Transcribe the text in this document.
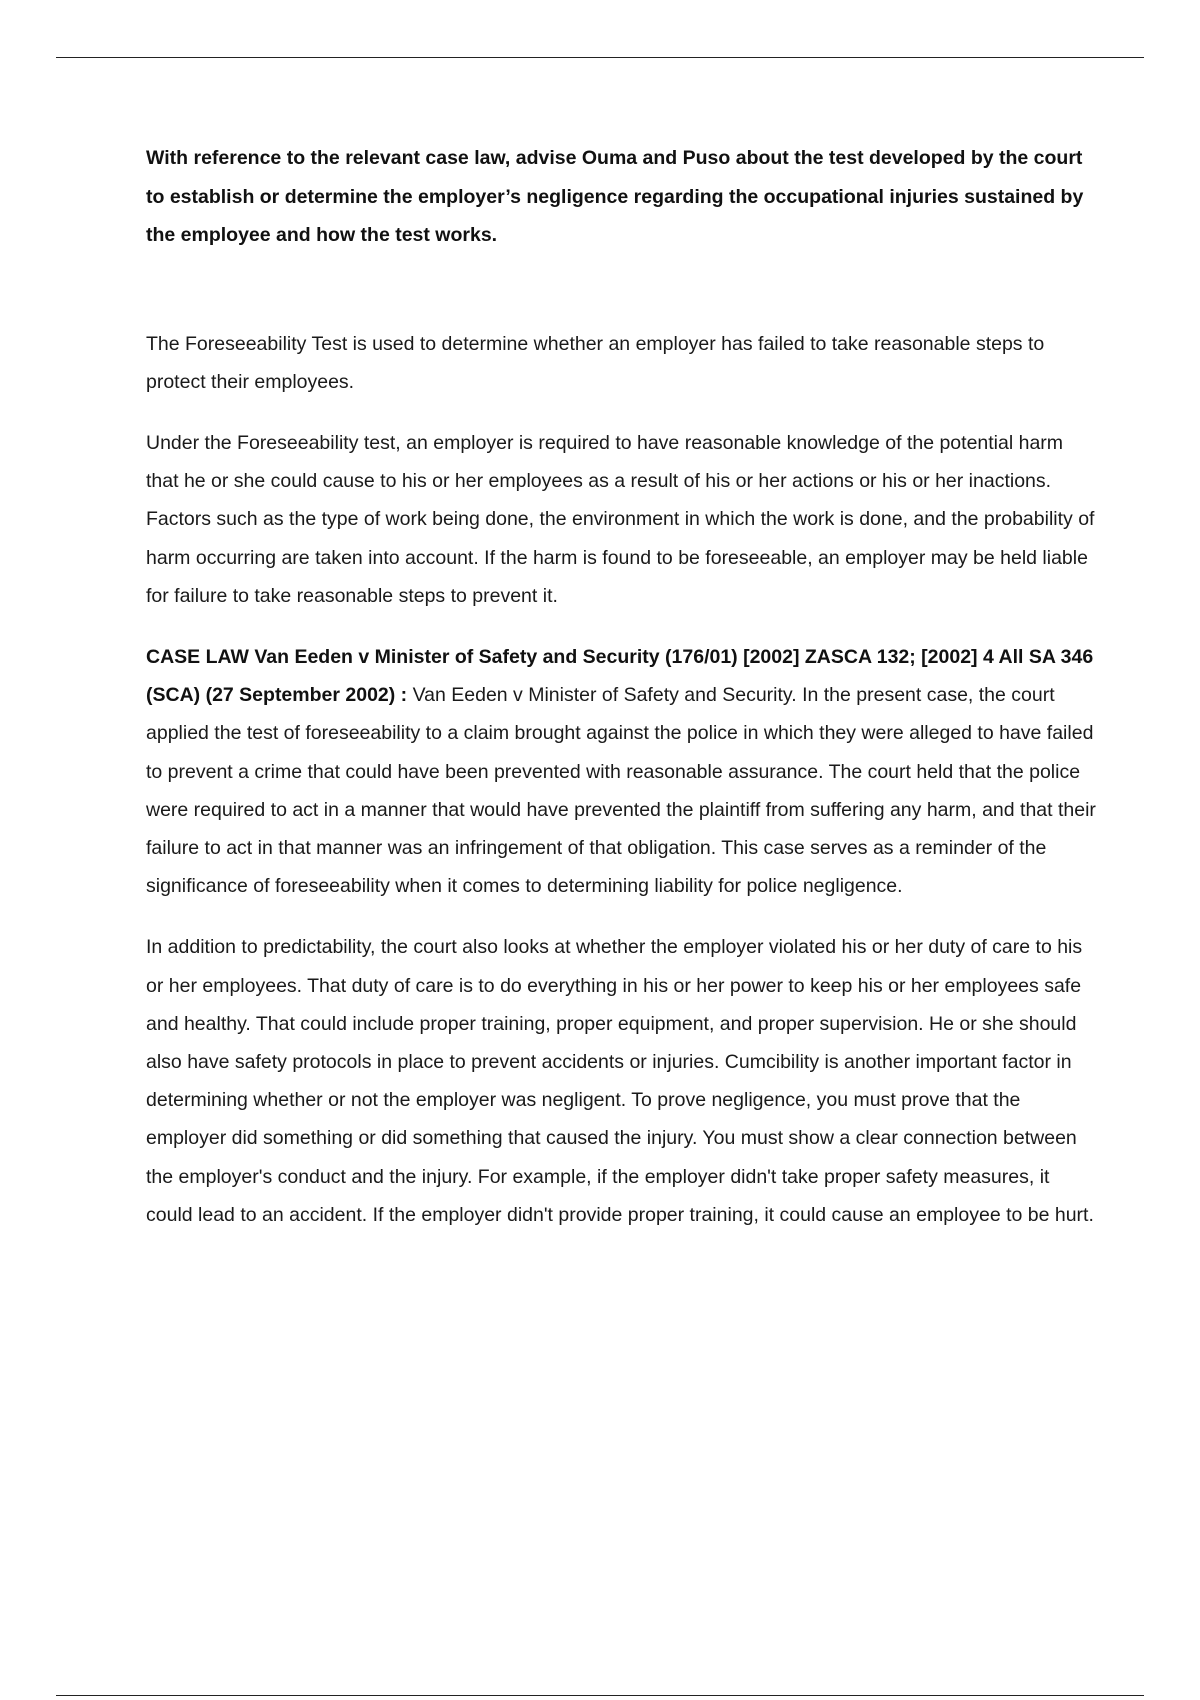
With reference to the relevant case law, advise Ouma and Puso about the test developed by the court to establish or determine the employer’s negligence regarding the occupational injuries sustained by the employee and how the test works.

The Foreseeability Test is used to determine whether an employer has failed to take reasonable steps to protect their employees.

Under the Foreseeability test, an employer is required to have reasonable knowledge of the potential harm that he or she could cause to his or her employees as a result of his or her actions or his or her inactions. Factors such as the type of work being done, the environment in which the work is done, and the probability of harm occurring are taken into account. If the harm is found to be foreseeable, an employer may be held liable for failure to take reasonable steps to prevent it.

CASE LAW Van Eeden v Minister of Safety and Security (176/01) [2002] ZASCA 132; [2002] 4 All SA 346 (SCA) (27 September 2002) : Van Eeden v Minister of Safety and Security. In the present case, the court applied the test of foreseeability to a claim brought against the police in which they were alleged to have failed to prevent a crime that could have been prevented with reasonable assurance. The court held that the police were required to act in a manner that would have prevented the plaintiff from suffering any harm, and that their failure to act in that manner was an infringement of that obligation. This case serves as a reminder of the significance of foreseeability when it comes to determining liability for police negligence.

In addition to predictability, the court also looks at whether the employer violated his or her duty of care to his or her employees. That duty of care is to do everything in his or her power to keep his or her employees safe and healthy. That could include proper training, proper equipment, and proper supervision. He or she should also have safety protocols in place to prevent accidents or injuries. Cumcibility is another important factor in determining whether or not the employer was negligent. To prove negligence, you must prove that the employer did something or did something that caused the injury. You must show a clear connection between the employer's conduct and the injury. For example, if the employer didn't take proper safety measures, it could lead to an accident. If the employer didn't provide proper training, it could cause an employee to be hurt.
